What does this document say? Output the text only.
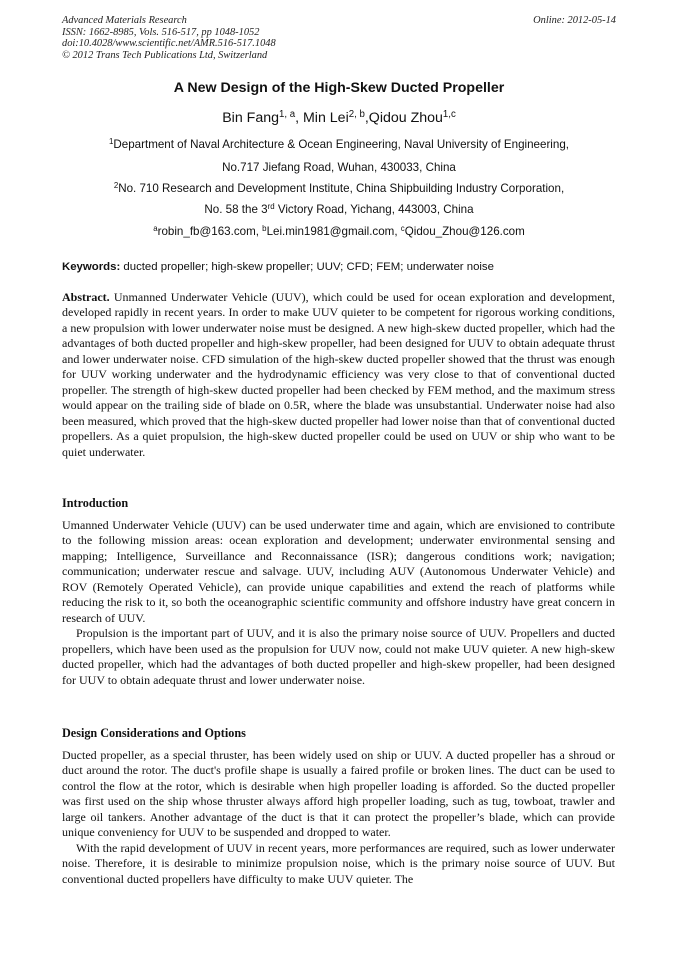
Advanced Materials Research
ISSN: 1662-8985, Vols. 516-517, pp 1048-1052
doi:10.4028/www.scientific.net/AMR.516-517.1048
© 2012 Trans Tech Publications Ltd, Switzerland
Online: 2012-05-14
A New Design of the High-Skew Ducted Propeller
Bin Fang$^{1, a}$, Min Lei$^{2, b}$,Qidou Zhou$^{1,c}$
$^1$Department of Naval Architecture & Ocean Engineering, Naval University of Engineering,
No.717 Jiefang Road, Wuhan, 430033, China
$^2$No. 710 Research and Development Institute, China Shipbuilding Industry Corporation,
No. 58 the 3rd Victory Road, Yichang, 443003, China
$^a$robin_fb@163.com, $^b$Lei.min1981@gmail.com, $^c$Qidou_Zhou@126.com
Keywords: ducted propeller; high-skew propeller; UUV; CFD; FEM; underwater noise

Abstract. Unmanned Underwater Vehicle (UUV), which could be used for ocean exploration and development, developed rapidly in recent years. In order to make UUV quieter to be competent for rigorous working conditions, a new propulsion with lower underwater noise must be designed. A new high-skew ducted propeller, which had the advantages of both ducted propeller and high-skew propeller, had been designed for UUV to obtain adequate thrust and lower underwater noise. CFD simulation of the high-skew ducted propeller showed that the thrust was enough for UUV working underwater and the hydrodynamic efficiency was very close to that of conventional ducted propeller. The strength of high-skew ducted propeller had been checked by FEM method, and the maximum stress would appear on the trailing side of blade on 0.5R, where the blade was unsubstantial. Underwater noise had also been measured, which proved that the high-skew ducted propeller had lower noise than that of conventional ducted propellers. As a quiet propulsion, the high-skew ducted propeller could be used on UUV or ship who want to be quiet underwater.

Introduction

Umanned Underwater Vehicle (UUV) can be used underwater time and again, which are envisioned to contribute to the following mission areas: ocean exploration and development; underwater environmental sensing and mapping; Intelligence, Surveillance and Reconnaissance (ISR); dangerous conditions work; navigation; communication; underwater rescue and salvage. UUV, including AUV (Autonomous Underwater Vehicle) and ROV (Remotely Operated Vehicle), can provide unique capabilities and extend the reach of platforms while reducing the risk to it, so both the oceanographic scientific community and offshore industry have great concern in research of UUV.

Propulsion is the important part of UUV, and it is also the primary noise source of UUV. Propellers and ducted propellers, which have been used as the propulsion for UUV now, could not make UUV quieter. A new high-skew ducted propeller, which had the advantages of both ducted propeller and high-skew propeller, had been designed for UUV to obtain adequate thrust and lower underwater noise.

Design Considerations and Options

Ducted propeller, as a special thruster, has been widely used on ship or UUV. A ducted propeller has a shroud or duct around the rotor. The duct's profile shape is usually a faired profile or broken lines. The duct can be used to control the flow at the rotor, which is desirable when high propeller loading is afforded. So the ducted propeller was first used on the ship whose thruster always afford high propeller loading, such as tug, towboat, trawler and large oil tankers. Another advantage of the duct is that it can protect the propeller’s blade, which can provide unique conveniency for UUV to be suspended and dropped to water.

With the rapid development of UUV in recent years, more performances are required, such as lower underwater noise. Therefore, it is desirable to minimize propulsion noise, which is the primary noise source of UUV. But conventional ducted propellers have difficulty to make UUV quieter. The
